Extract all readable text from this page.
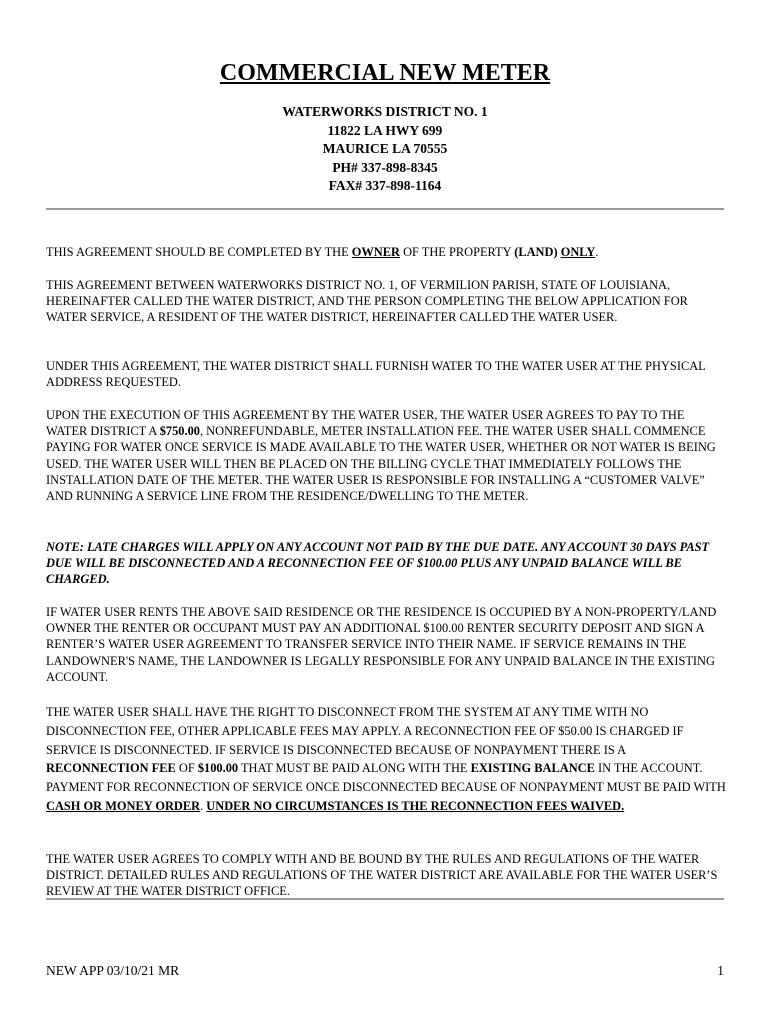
COMMERCIAL NEW METER
WATERWORKS DISTRICT NO. 1
11822 LA HWY 699
MAURICE LA 70555
PH# 337-898-8345
FAX# 337-898-1164

THIS AGREEMENT SHOULD BE COMPLETED BY THE OWNER OF THE PROPERTY (LAND) ONLY.

THIS AGREEMENT BETWEEN WATERWORKS DISTRICT NO. 1, OF VERMILION PARISH, STATE OF LOUISIANA, HEREINAFTER CALLED THE WATER DISTRICT, AND THE PERSON COMPLETING THE BELOW APPLICATION FOR WATER SERVICE, A RESIDENT OF THE WATER DISTRICT, HEREINAFTER CALLED THE WATER USER.

UNDER THIS AGREEMENT, THE WATER DISTRICT SHALL FURNISH WATER TO THE WATER USER AT THE PHYSICAL ADDRESS REQUESTED.

UPON THE EXECUTION OF THIS AGREEMENT BY THE WATER USER, THE WATER USER AGREES TO PAY TO THE WATER DISTRICT A $750.00, NONREFUNDABLE, METER INSTALLATION FEE. THE WATER USER SHALL COMMENCE PAYING FOR WATER ONCE SERVICE IS MADE AVAILABLE TO THE WATER USER, WHETHER OR NOT WATER IS BEING USED. THE WATER USER WILL THEN BE PLACED ON THE BILLING CYCLE THAT IMMEDIATELY FOLLOWS THE INSTALLATION DATE OF THE METER. THE WATER USER IS RESPONSIBLE FOR INSTALLING A “CUSTOMER VALVE” AND RUNNING A SERVICE LINE FROM THE RESIDENCE/DWELLING TO THE METER.

NOTE: LATE CHARGES WILL APPLY ON ANY ACCOUNT NOT PAID BY THE DUE DATE. ANY ACCOUNT 30 DAYS PAST DUE WILL BE DISCONNECTED AND A RECONNECTION FEE OF $100.00 PLUS ANY UNPAID BALANCE WILL BE CHARGED.

IF WATER USER RENTS THE ABOVE SAID RESIDENCE OR THE RESIDENCE IS OCCUPIED BY A NON-PROPERTY/LAND OWNER THE RENTER OR OCCUPANT MUST PAY AN ADDITIONAL $100.00 RENTER SECURITY DEPOSIT AND SIGN A RENTER’S WATER USER AGREEMENT TO TRANSFER SERVICE INTO THEIR NAME. IF SERVICE REMAINS IN THE LANDOWNER'S NAME, THE LANDOWNER IS LEGALLY RESPONSIBLE FOR ANY UNPAID BALANCE IN THE EXISTING ACCOUNT.

THE WATER USER SHALL HAVE THE RIGHT TO DISCONNECT FROM THE SYSTEM AT ANY TIME WITH NO DISCONNECTION FEE, OTHER APPLICABLE FEES MAY APPLY. A RECONNECTION FEE OF $50.00 IS CHARGED IF SERVICE IS DISCONNECTED. IF SERVICE IS DISCONNECTED BECAUSE OF NONPAYMENT THERE IS A RECONNECTION FEE OF $100.00 THAT MUST BE PAID ALONG WITH THE EXISTING BALANCE IN THE ACCOUNT. PAYMENT FOR RECONNECTION OF SERVICE ONCE DISCONNECTED BECAUSE OF NONPAYMENT MUST BE PAID WITH CASH OR MONEY ORDER. UNDER NO CIRCUMSTANCES IS THE RECONNECTION FEES WAIVED.

THE WATER USER AGREES TO COMPLY WITH AND BE BOUND BY THE RULES AND REGULATIONS OF THE WATER DISTRICT. DETAILED RULES AND REGULATIONS OF THE WATER DISTRICT ARE AVAILABLE FOR THE WATER USER’S REVIEW AT THE WATER DISTRICT OFFICE.

NEW APP 03/10/21 MR	1
